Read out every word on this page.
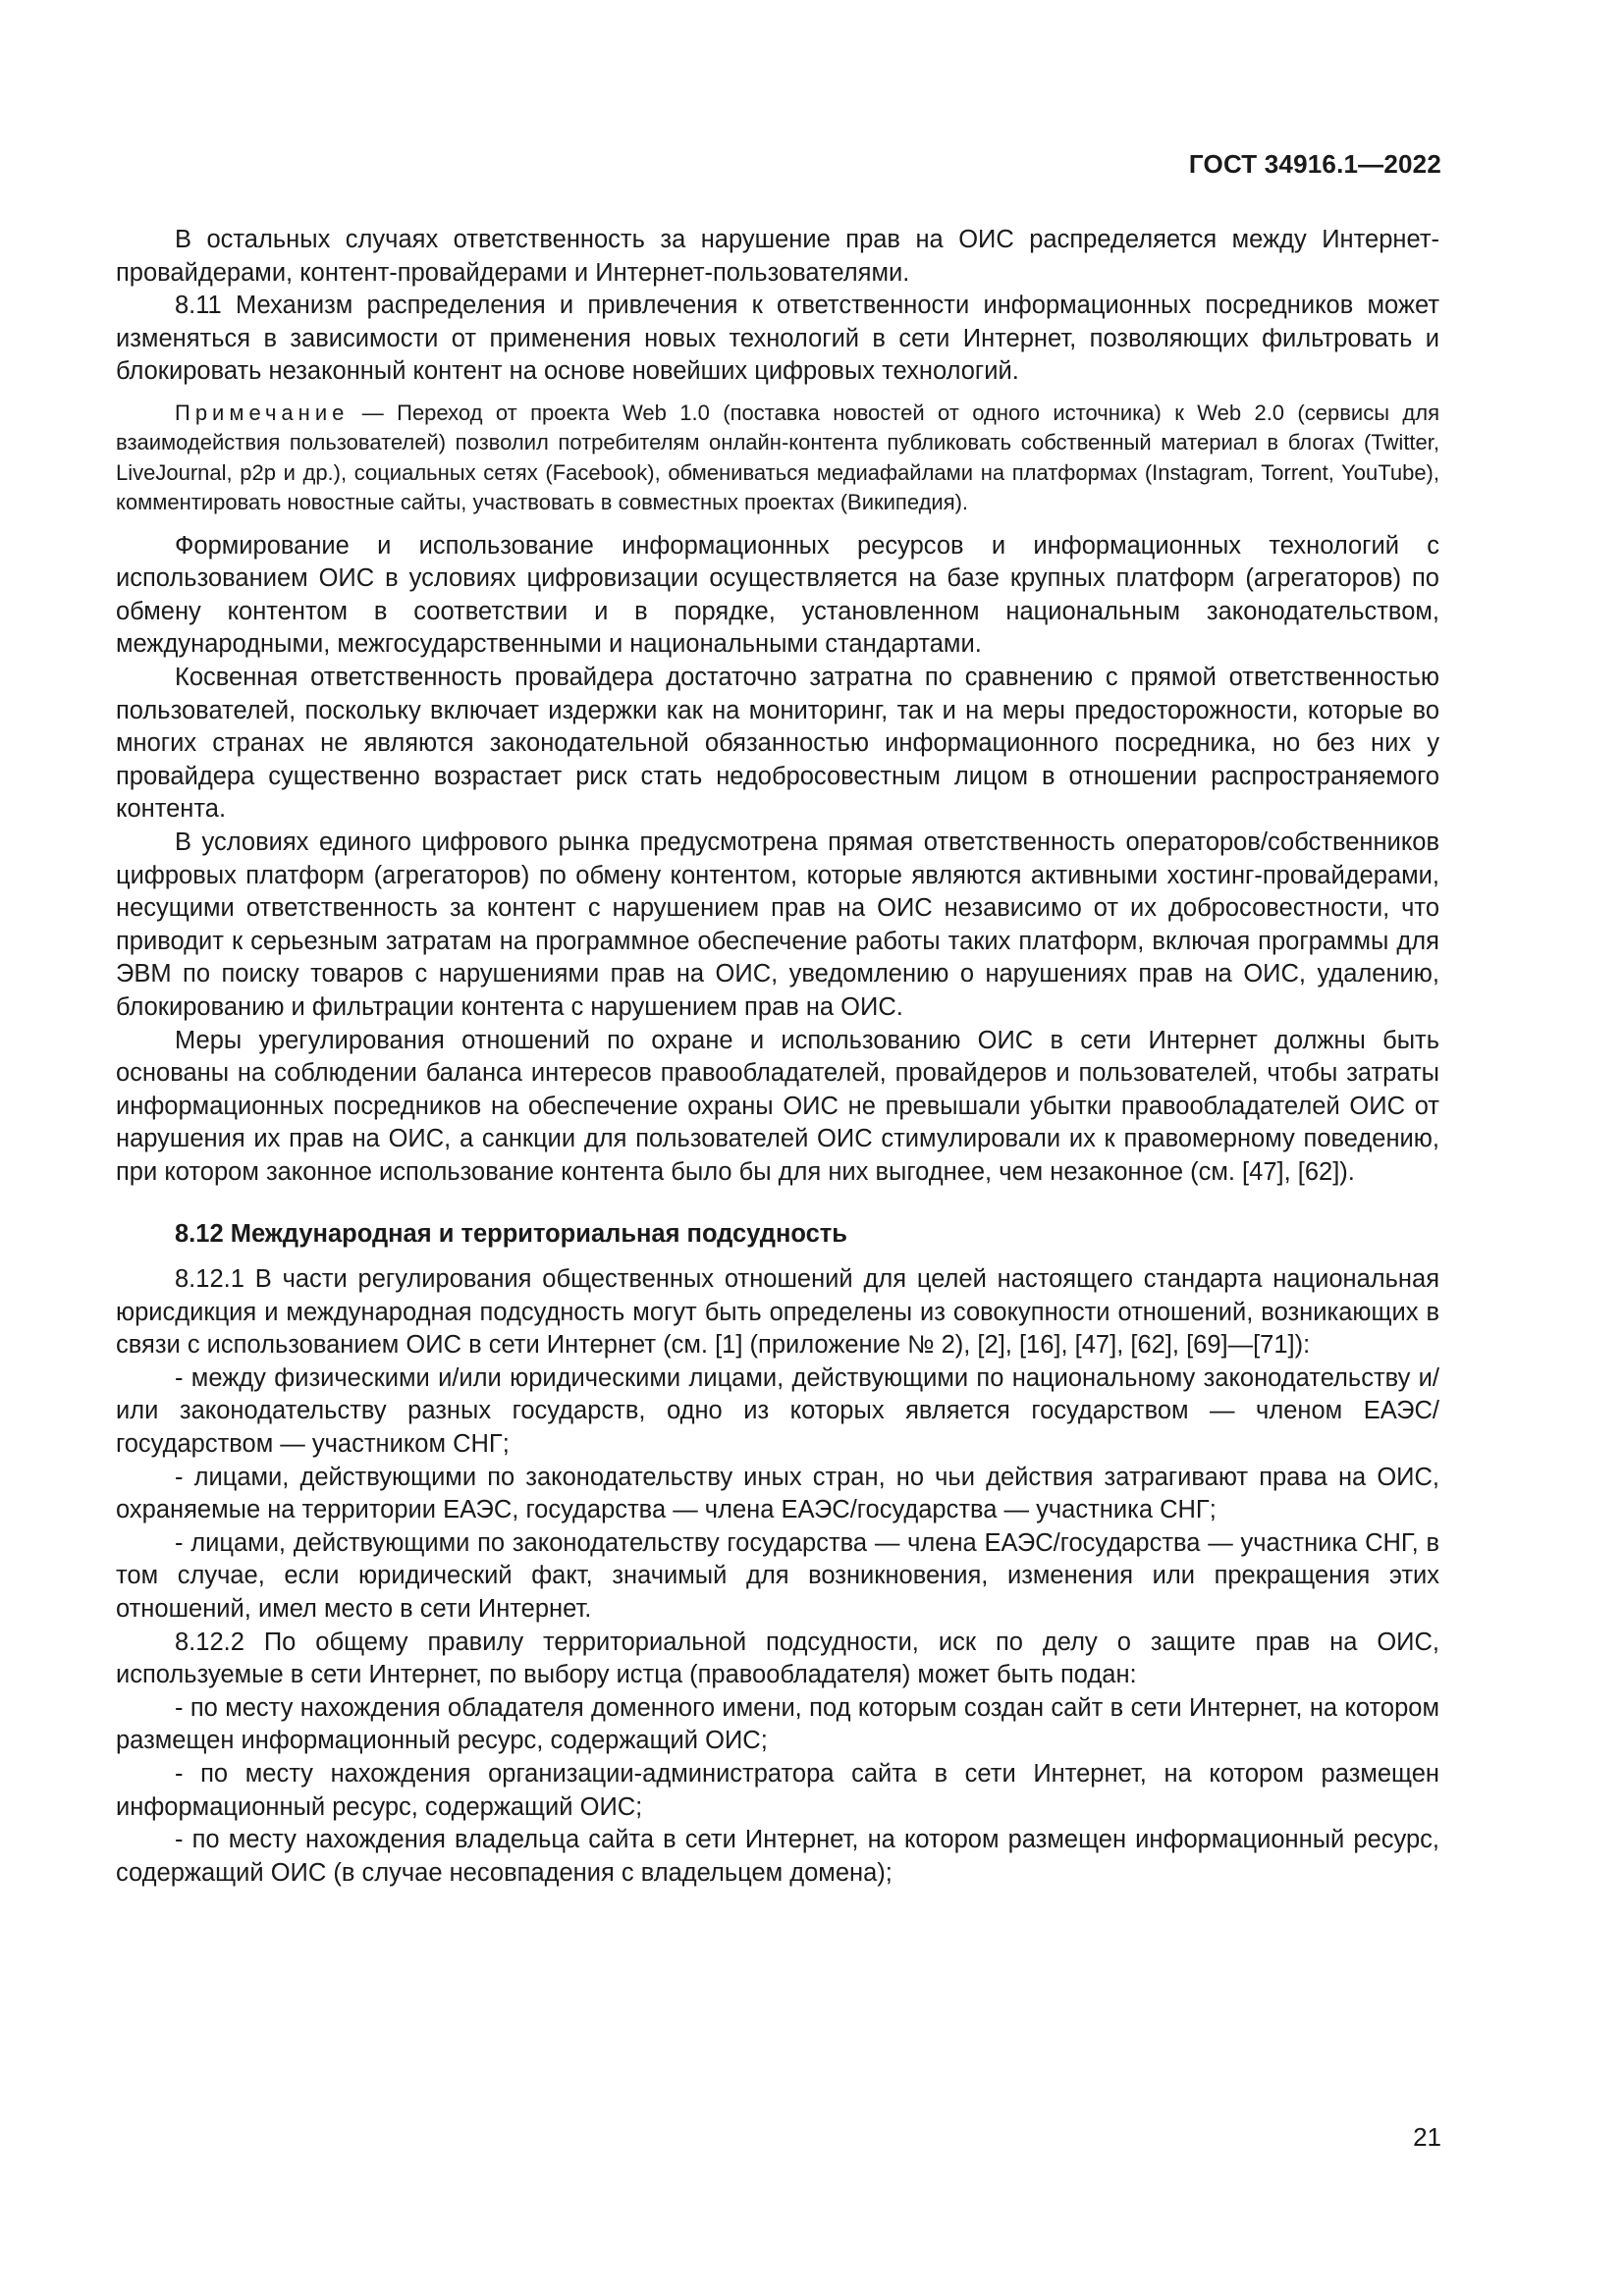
ГОСТ 34916.1—2022

В остальных случаях ответственность за нарушение прав на ОИС распределяется между Интернет-провайдерами, контент-провайдерами и Интернет-пользователями.

8.11 Механизм распределения и привлечения к ответственности информационных посредников может изменяться в зависимости от применения новых технологий в сети Интернет, позволяющих фильтровать и блокировать незаконный контент на основе новейших цифровых технологий.

Примечание — Переход от проекта Web 1.0 (поставка новостей от одного источника) к Web 2.0 (сервисы для взаимодействия пользователей) позволил потребителям онлайн-контента публиковать собственный материал в блогах (Twitter, LiveJournal, p2p и др.), социальных сетях (Facebook), обмениваться медиафайлами на платформах (Instagram, Torrent, YouTube), комментировать новостные сайты, участвовать в совместных проектах (Википедия).

Формирование и использование информационных ресурсов и информационных технологий с использованием ОИС в условиях цифровизации осуществляется на базе крупных платформ (агрегаторов) по обмену контентом в соответствии и в порядке, установленном национальным законодательством, международными, межгосударственными и национальными стандартами.

Косвенная ответственность провайдера достаточно затратна по сравнению с прямой ответственностью пользователей, поскольку включает издержки как на мониторинг, так и на меры предосторожности, которые во многих странах не являются законодательной обязанностью информационного посредника, но без них у провайдера существенно возрастает риск стать недобросовестным лицом в отношении распространяемого контента.

В условиях единого цифрового рынка предусмотрена прямая ответственность операторов/собственников цифровых платформ (агрегаторов) по обмену контентом, которые являются активными хостинг-провайдерами, несущими ответственность за контент с нарушением прав на ОИС независимо от их добросовестности, что приводит к серьезным затратам на программное обеспечение работы таких платформ, включая программы для ЭВМ по поиску товаров с нарушениями прав на ОИС, уведомлению о нарушениях прав на ОИС, удалению, блокированию и фильтрации контента с нарушением прав на ОИС.

Меры урегулирования отношений по охране и использованию ОИС в сети Интернет должны быть основаны на соблюдении баланса интересов правообладателей, провайдеров и пользователей, чтобы затраты информационных посредников на обеспечение охраны ОИС не превышали убытки правообладателей ОИС от нарушения их прав на ОИС, а санкции для пользователей ОИС стимулировали их к правомерному поведению, при котором законное использование контента было бы для них выгоднее, чем незаконное (см. [47], [62]).

8.12 Международная и территориальная подсудность

8.12.1 В части регулирования общественных отношений для целей настоящего стандарта национальная юрисдикция и международная подсудность могут быть определены из совокупности отношений, возникающих в связи с использованием ОИС в сети Интернет (см. [1] (приложение № 2), [2], [16], [47], [62], [69]—[71]):

- между физическими и/или юридическими лицами, действующими по национальному законодательству и/или законодательству разных государств, одно из которых является государством — членом ЕАЭС/государством — участником СНГ;

- лицами, действующими по законодательству иных стран, но чьи действия затрагивают права на ОИС, охраняемые на территории ЕАЭС, государства — члена ЕАЭС/государства — участника СНГ;

- лицами, действующими по законодательству государства — члена ЕАЭС/государства — участника СНГ, в том случае, если юридический факт, значимый для возникновения, изменения или прекращения этих отношений, имел место в сети Интернет.

8.12.2 По общему правилу территориальной подсудности, иск по делу о защите прав на ОИС, используемые в сети Интернет, по выбору истца (правообладателя) может быть подан:

- по месту нахождения обладателя доменного имени, под которым создан сайт в сети Интернет, на котором размещен информационный ресурс, содержащий ОИС;

- по месту нахождения организации-администратора сайта в сети Интернет, на котором размещен информационный ресурс, содержащий ОИС;

- по месту нахождения владельца сайта в сети Интернет, на котором размещен информационный ресурс, содержащий ОИС (в случае несовпадения с владельцем домена);

21
